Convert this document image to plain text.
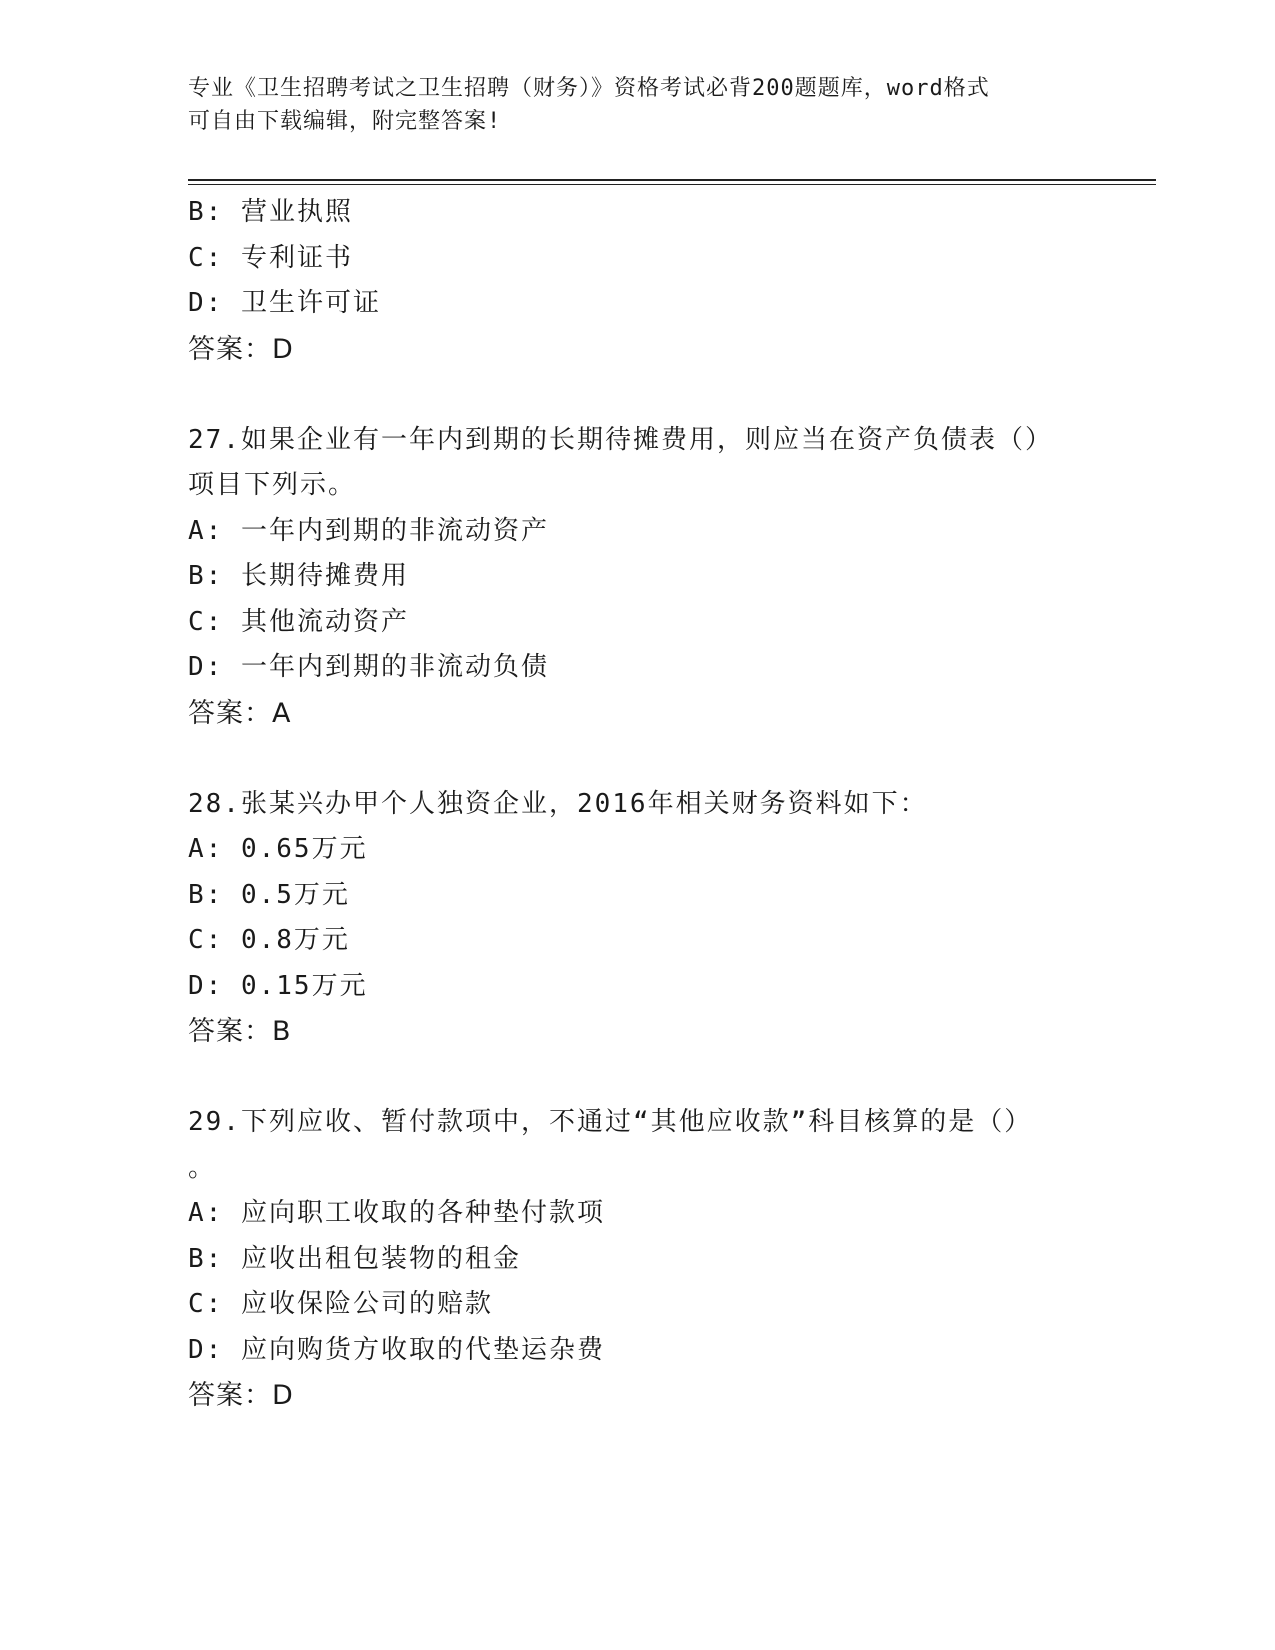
专业《卫生招聘考试之卫生招聘（财务）》资格考试必背200题题库，word格式
可自由下载编辑，附完整答案!
B: 营业执照
C: 专利证书
D: 卫生许可证
答案：D
27.如果企业有一年内到期的长期待摊费用，则应当在资产负债表（）
项目下列示。
A: 一年内到期的非流动资产
B: 长期待摊费用
C: 其他流动资产
D: 一年内到期的非流动负债
答案：A
28.张某兴办甲个人独资企业，2016年相关财务资料如下：
A: 0.65万元
B: 0.5万元
C: 0.8万元
D: 0.15万元
答案：B
29.下列应收、暂付款项中，不通过“其他应收款”科目核算的是（）
。
A: 应向职工收取的各种垫付款项
B: 应收出租包装物的租金
C: 应收保险公司的赔款
D: 应向购货方收取的代垫运杂费
答案：D
